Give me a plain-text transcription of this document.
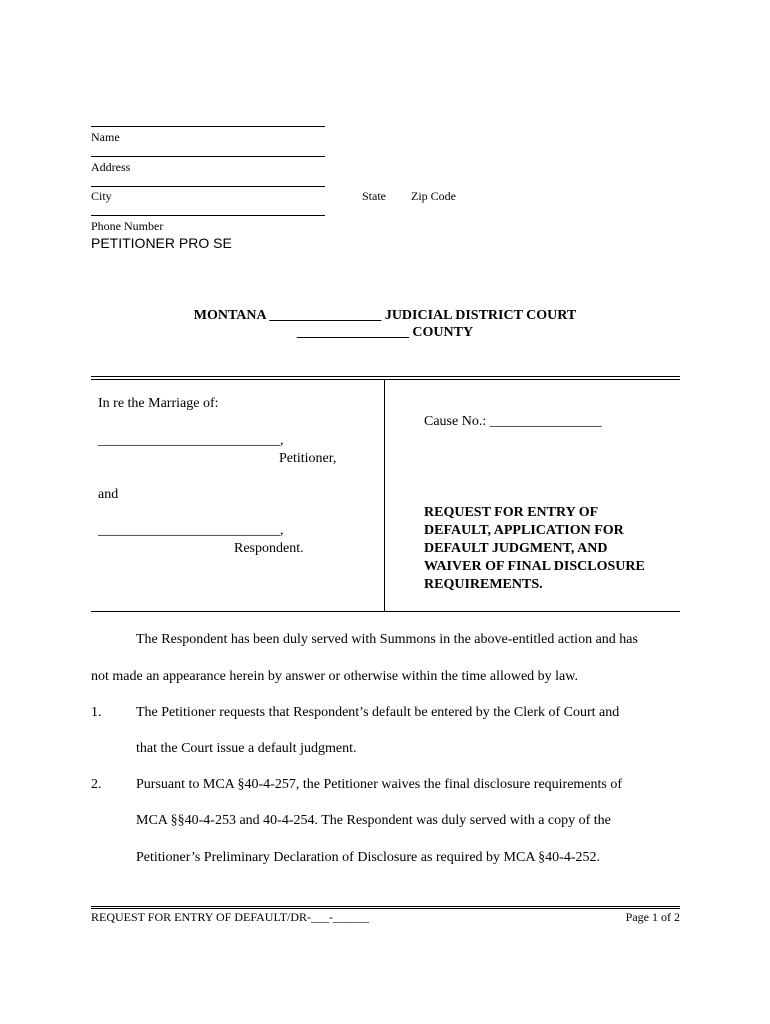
Name
Address
City	State Zip Code
Phone Number
PETITIONER PRO SE
MONTANA ________________ JUDICIAL DISTRICT COURT
________________ COUNTY
In re the Marriage of:
__________________________,
Petitioner,
and
__________________________,
Respondent.
Cause No.: ________________
REQUEST FOR ENTRY OF
DEFAULT, APPLICATION FOR
DEFAULT JUDGMENT, AND
WAIVER OF FINAL DISCLOSURE
REQUIREMENTS.
The Respondent has been duly served with Summons in the above-entitled action and has
not made an appearance herein by answer or otherwise within the time allowed by law.
1. The Petitioner requests that Respondent’s default be entered by the Clerk of Court and
that the Court issue a default judgment.
2. Pursuant to MCA §40-4-257, the Petitioner waives the final disclosure requirements of
MCA §§40-4-253 and 40-4-254. The Respondent was duly served with a copy of the
Petitioner’s Preliminary Declaration of Disclosure as required by MCA §40-4-252.
REQUEST FOR ENTRY OF DEFAULT/DR-___-______	Page 1 of 2
